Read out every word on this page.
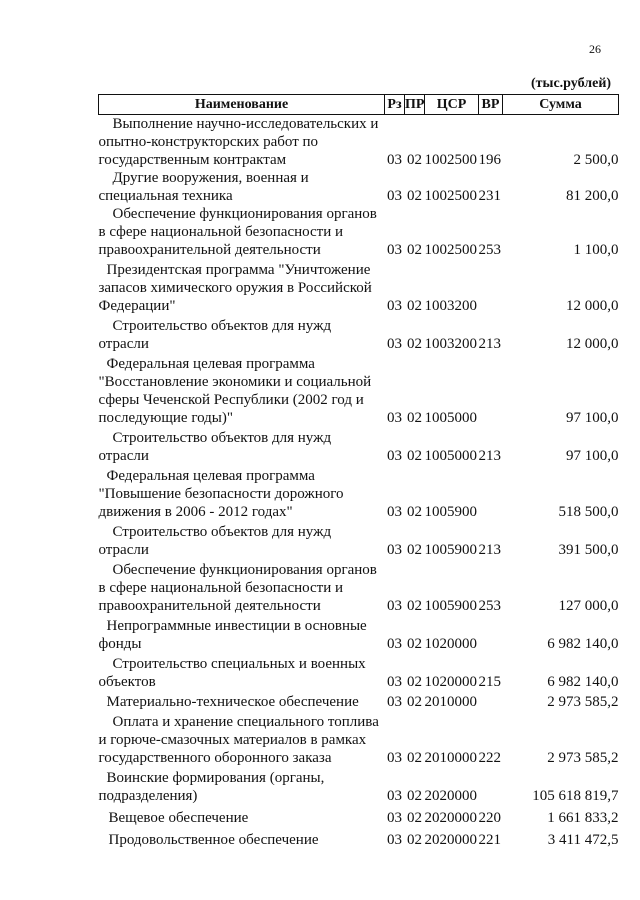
26
(тыс.рублей)
Наименование	Рз	ПР	ЦСР	ВР	Сумма
Выполнение научно-исследовательских и опытно-конструкторских работ по государственным контрактам	03	02	1002500	196	2 500,0
Другие вооружения, военная и специальная техника	03	02	1002500	231	81 200,0
Обеспечение функционирования органов в сфере национальной безопасности и правоохранительной деятельности	03	02	1002500	253	1 100,0
Президентская программа "Уничтожение запасов химического оружия в Российской Федерации"	03	02	1003200		12 000,0
Строительство объектов для нужд отрасли	03	02	1003200	213	12 000,0
Федеральная целевая программа "Восстановление экономики и социальной сферы Чеченской Республики (2002 год и последующие годы)"	03	02	1005000		97 100,0
Строительство объектов для нужд отрасли	03	02	1005000	213	97 100,0
Федеральная целевая программа "Повышение безопасности дорожного движения в 2006 - 2012 годах"	03	02	1005900		518 500,0
Строительство объектов для нужд отрасли	03	02	1005900	213	391 500,0
Обеспечение функционирования органов в сфере национальной безопасности и правоохранительной деятельности	03	02	1005900	253	127 000,0
Непрограммные инвестиции в основные фонды	03	02	1020000		6 982 140,0
Строительство специальных и военных объектов	03	02	1020000	215	6 982 140,0
Материально-техническое обеспечение	03	02	2010000		2 973 585,2
Оплата и хранение специального топлива и горюче-смазочных материалов в рамках государственного оборонного заказа	03	02	2010000	222	2 973 585,2
Воинские формирования (органы, подразделения)	03	02	2020000		105 618 819,7
Вещевое обеспечение	03	02	2020000	220	1 661 833,2
Продовольственное обеспечение	03	02	2020000	221	3 411 472,5
